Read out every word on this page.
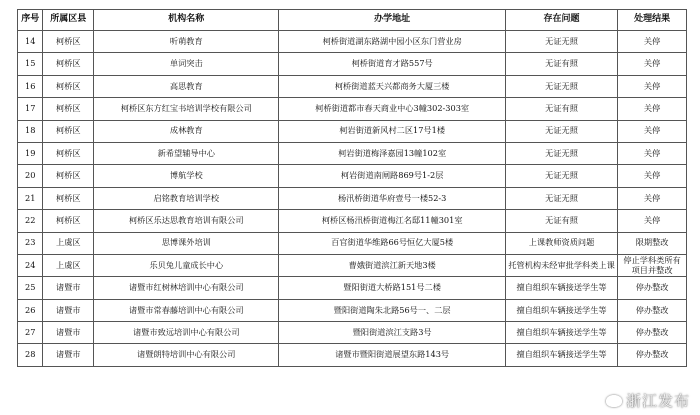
序号	所属区县	机构名称	办学地址	存在问题	处理结果
14	柯桥区	听萌教育	柯桥街道湖东路湖中园小区东门营业房	无证无照	关停
15	柯桥区	单词突击	柯桥街道育才路557号	无证有照	关停
16	柯桥区	高思教育	柯桥街道蓝天兴都商务大厦三楼	无证无照	关停
17	柯桥区	柯桥区东方红宝书培训学校有限公司	柯桥街道都市春天商业中心3幢302-303室	无证有照	关停
18	柯桥区	成林教育	柯岩街道新风村二区17号1楼	无证无照	关停
19	柯桥区	新希望辅导中心	柯岩街道梅泽嘉园13幢102室	无证无照	关停
20	柯桥区	博航学校	柯岩街道南闸路869号1-2层	无证无照	关停
21	柯桥区	启铭教育培训学校	杨汛桥街道华府壹号一楼52-3	无证无照	关停
22	柯桥区	柯桥区乐达思教育培训有限公司	柯桥区杨汛桥街道梅江名邸11幢301室	无证有照	关停
23	上虞区	思博课外培训	百官街道华维路66号恒亿大厦5楼	上课教师资质问题	限期整改
24	上虞区	乐贝兔儿童成长中心	曹娥街道滨江新天地3楼	托管机构未经审批学科类上课	停止学科类所有项目并整改
25	诸暨市	诸暨市红树林培训中心有限公司	暨阳街道大桥路151号二楼	擅自组织车辆接送学生等	停办整改
26	诸暨市	诸暨市常春藤培训中心有限公司	暨阳街道陶朱北路56号一、二层	擅自组织车辆接送学生等	停办整改
27	诸暨市	诸暨市致远培训中心有限公司	暨阳街道滨江支路3号	擅自组织车辆接送学生等	停办整改
28	诸暨市	诸暨朗特培训中心有限公司	诸暨市暨阳街道展望东路143号	擅自组织车辆接送学生等	停办整改
浙江发布
